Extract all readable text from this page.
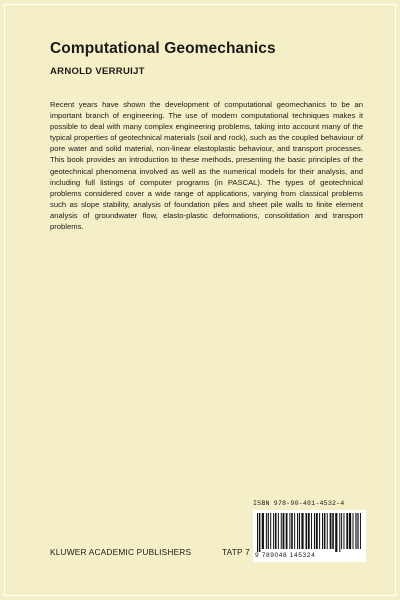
Computational Geomechanics
ARNOLD VERRUIJT

Recent years have shown the development of computational geomechanics to be an important branch of engineering. The use of modern computational techniques makes it possible to deal with many complex engineering problems, taking into account many of the typical properties of geotechnical materials (soil and rock), such as the coupled behaviour of pore water and solid material, non-linear elastoplastic behaviour, and transport processes. This book provides an introduction to these methods, presenting the basic principles of the geotechnical phenomena involved as well as the numerical models for their analysis, and including full listings of computer programs (in PASCAL). The types of geotechnical problems considered cover a wide range of applications, varying from classical problems such as slope stability, analysis of foundation piles and sheet pile walls to finite element analysis of groundwater flow, elasto-plastic deformations, consolidation and transport problems.

KLUWER ACADEMIC PUBLISHERS	TATP 7
ISBN 978-90-481-4532-4
9 789048 145324
